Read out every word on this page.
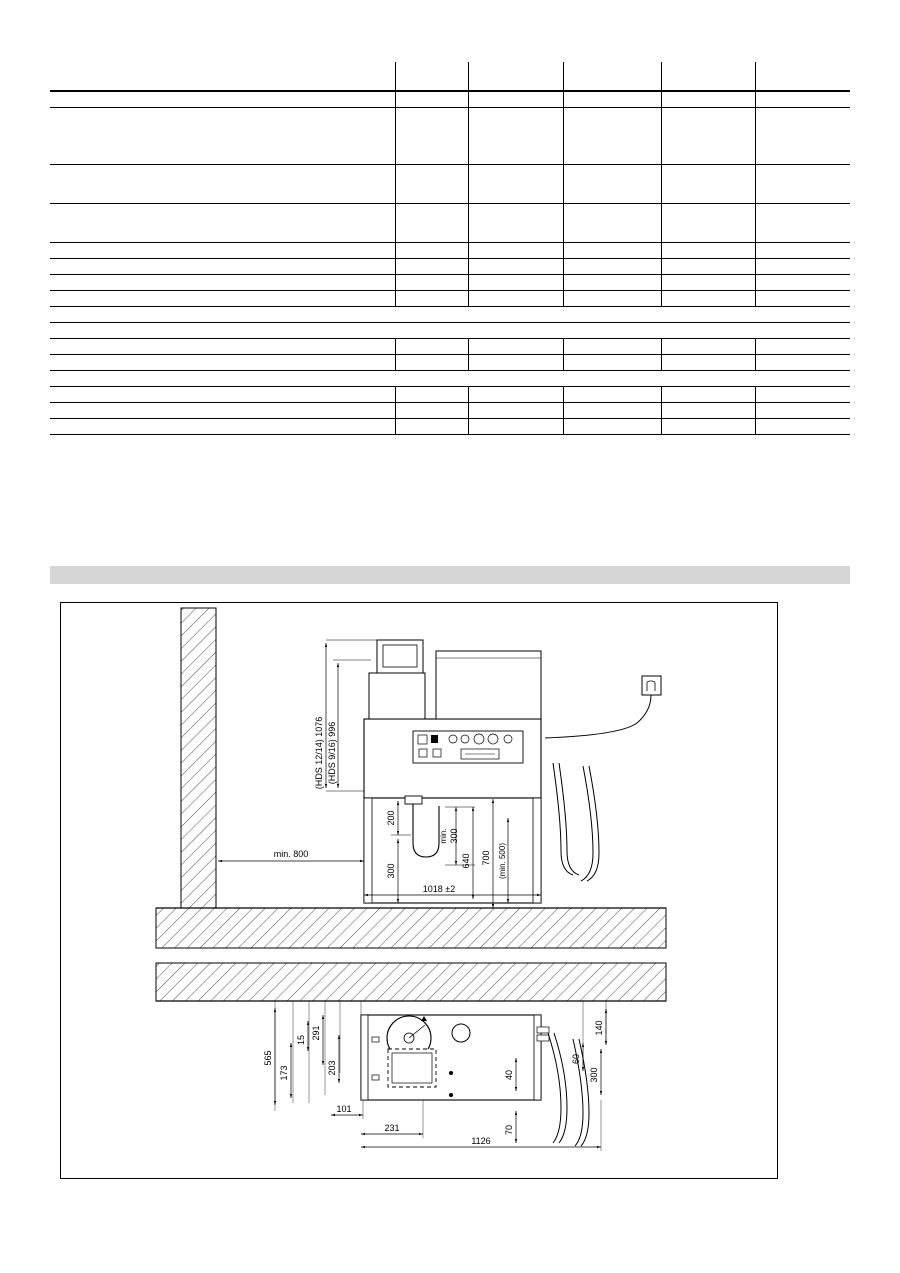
(HDS 12/14) 1076 (HDS 9/16) 996
min. 800
200
300
min. 300
640 700 (min. 500)
1018 ±2
565
173
15 291
203
101
231
1126
40
70
140
60
300
